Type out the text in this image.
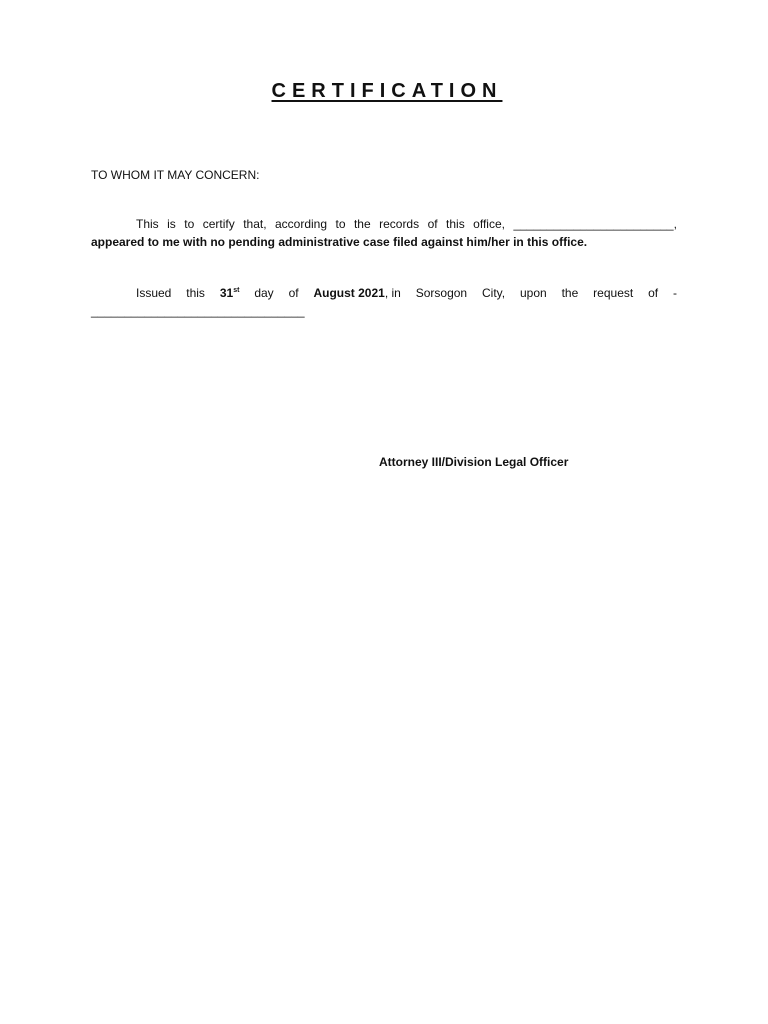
CERTIFICATION
TO WHOM IT MAY CONCERN:
This is to certify that, according to the records of this office, ________________________,
appeared to me with no pending administrative case filed against him/her in this office.
Issued this 31st day of August 2021, in Sorsogon City, upon the request of -
________________________________
Attorney III/Division Legal Officer
